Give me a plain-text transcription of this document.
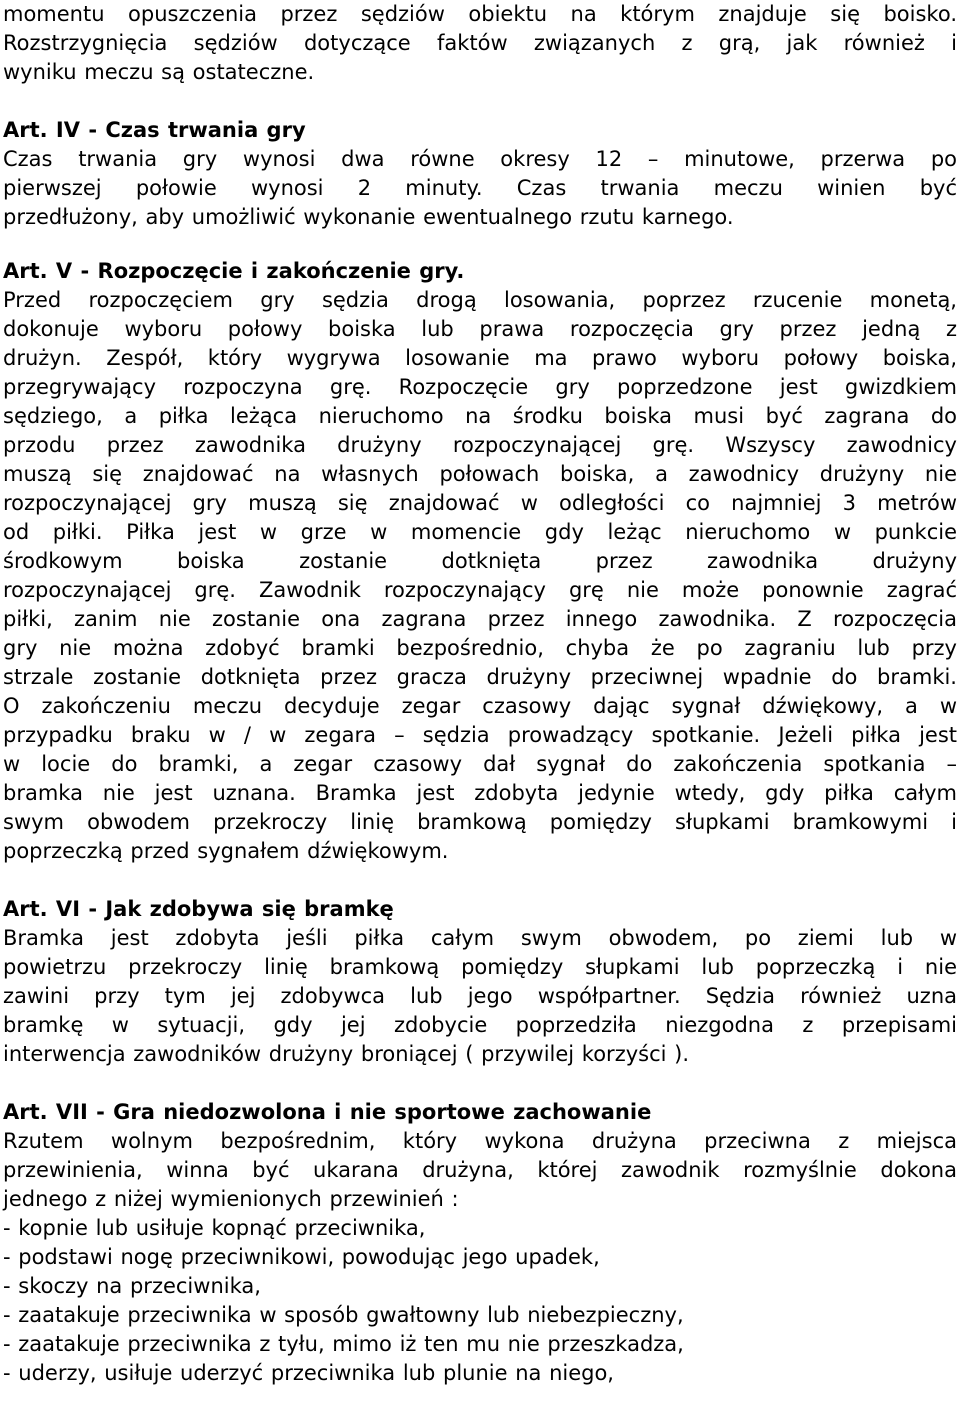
momentu opuszczenia przez sędziów obiektu na którym znajduje się boisko.
Rozstrzygnięcia sędziów dotyczące faktów związanych z grą, jak również i
wyniku meczu są ostateczne.
Art. IV - Czas trwania gry
Czas trwania gry wynosi dwa równe okresy 12 – minutowe, przerwa po
pierwszej połowie wynosi 2 minuty. Czas trwania meczu winien być
przedłużony, aby umożliwić wykonanie ewentualnego rzutu karnego.
Art. V - Rozpoczęcie i zakończenie gry.
Przed rozpoczęciem gry sędzia drogą losowania, poprzez rzucenie monetą,
dokonuje wyboru połowy boiska lub prawa rozpoczęcia gry przez jedną z
drużyn. Zespół, który wygrywa losowanie ma prawo wyboru połowy boiska,
przegrywający rozpoczyna grę. Rozpoczęcie gry poprzedzone jest gwizdkiem
sędziego, a piłka leżąca nieruchomo na środku boiska musi być zagrana do
przodu przez zawodnika drużyny rozpoczynającej grę. Wszyscy zawodnicy
muszą się znajdować na własnych połowach boiska, a zawodnicy drużyny nie
rozpoczynającej gry muszą się znajdować w odległości co najmniej 3 metrów
od piłki. Piłka jest w grze w momencie gdy leżąc nieruchomo w punkcie
środkowym boiska zostanie dotknięta przez zawodnika drużyny
rozpoczynającej grę. Zawodnik rozpoczynający grę nie może ponownie zagrać
piłki, zanim nie zostanie ona zagrana przez innego zawodnika. Z rozpoczęcia
gry nie można zdobyć bramki bezpośrednio, chyba że po zagraniu lub przy
strzale zostanie dotknięta przez gracza drużyny przeciwnej wpadnie do bramki.
O zakończeniu meczu decyduje zegar czasowy dając sygnał dźwiękowy, a w
przypadku braku w / w zegara – sędzia prowadzący spotkanie. Jeżeli piłka jest
w locie do bramki, a zegar czasowy dał sygnał do zakończenia spotkania –
bramka nie jest uznana. Bramka jest zdobyta jedynie wtedy, gdy piłka całym
swym obwodem przekroczy linię bramkową pomiędzy słupkami bramkowymi i
poprzeczką przed sygnałem dźwiękowym.
Art. VI - Jak zdobywa się bramkę
Bramka jest zdobyta jeśli piłka całym swym obwodem, po ziemi lub w
powietrzu przekroczy linię bramkową pomiędzy słupkami lub poprzeczką i nie
zawini przy tym jej zdobywca lub jego współpartner. Sędzia również uzna
bramkę w sytuacji, gdy jej zdobycie poprzedziła niezgodna z przepisami
interwencja zawodników drużyny broniącej ( przywilej korzyści ).
Art. VII - Gra niedozwolona i nie sportowe zachowanie
Rzutem wolnym bezpośrednim, który wykona drużyna przeciwna z miejsca
przewinienia, winna być ukarana drużyna, której zawodnik rozmyślnie dokona
jednego z niżej wymienionych przewinień :
- kopnie lub usiłuje kopnąć przeciwnika,
- podstawi nogę przeciwnikowi, powodując jego upadek,
- skoczy na przeciwnika,
- zaatakuje przeciwnika w sposób gwałtowny lub niebezpieczny,
- zaatakuje przeciwnika z tyłu, mimo iż ten mu nie przeszkadza,
- uderzy, usiłuje uderzyć przeciwnika lub plunie na niego,
